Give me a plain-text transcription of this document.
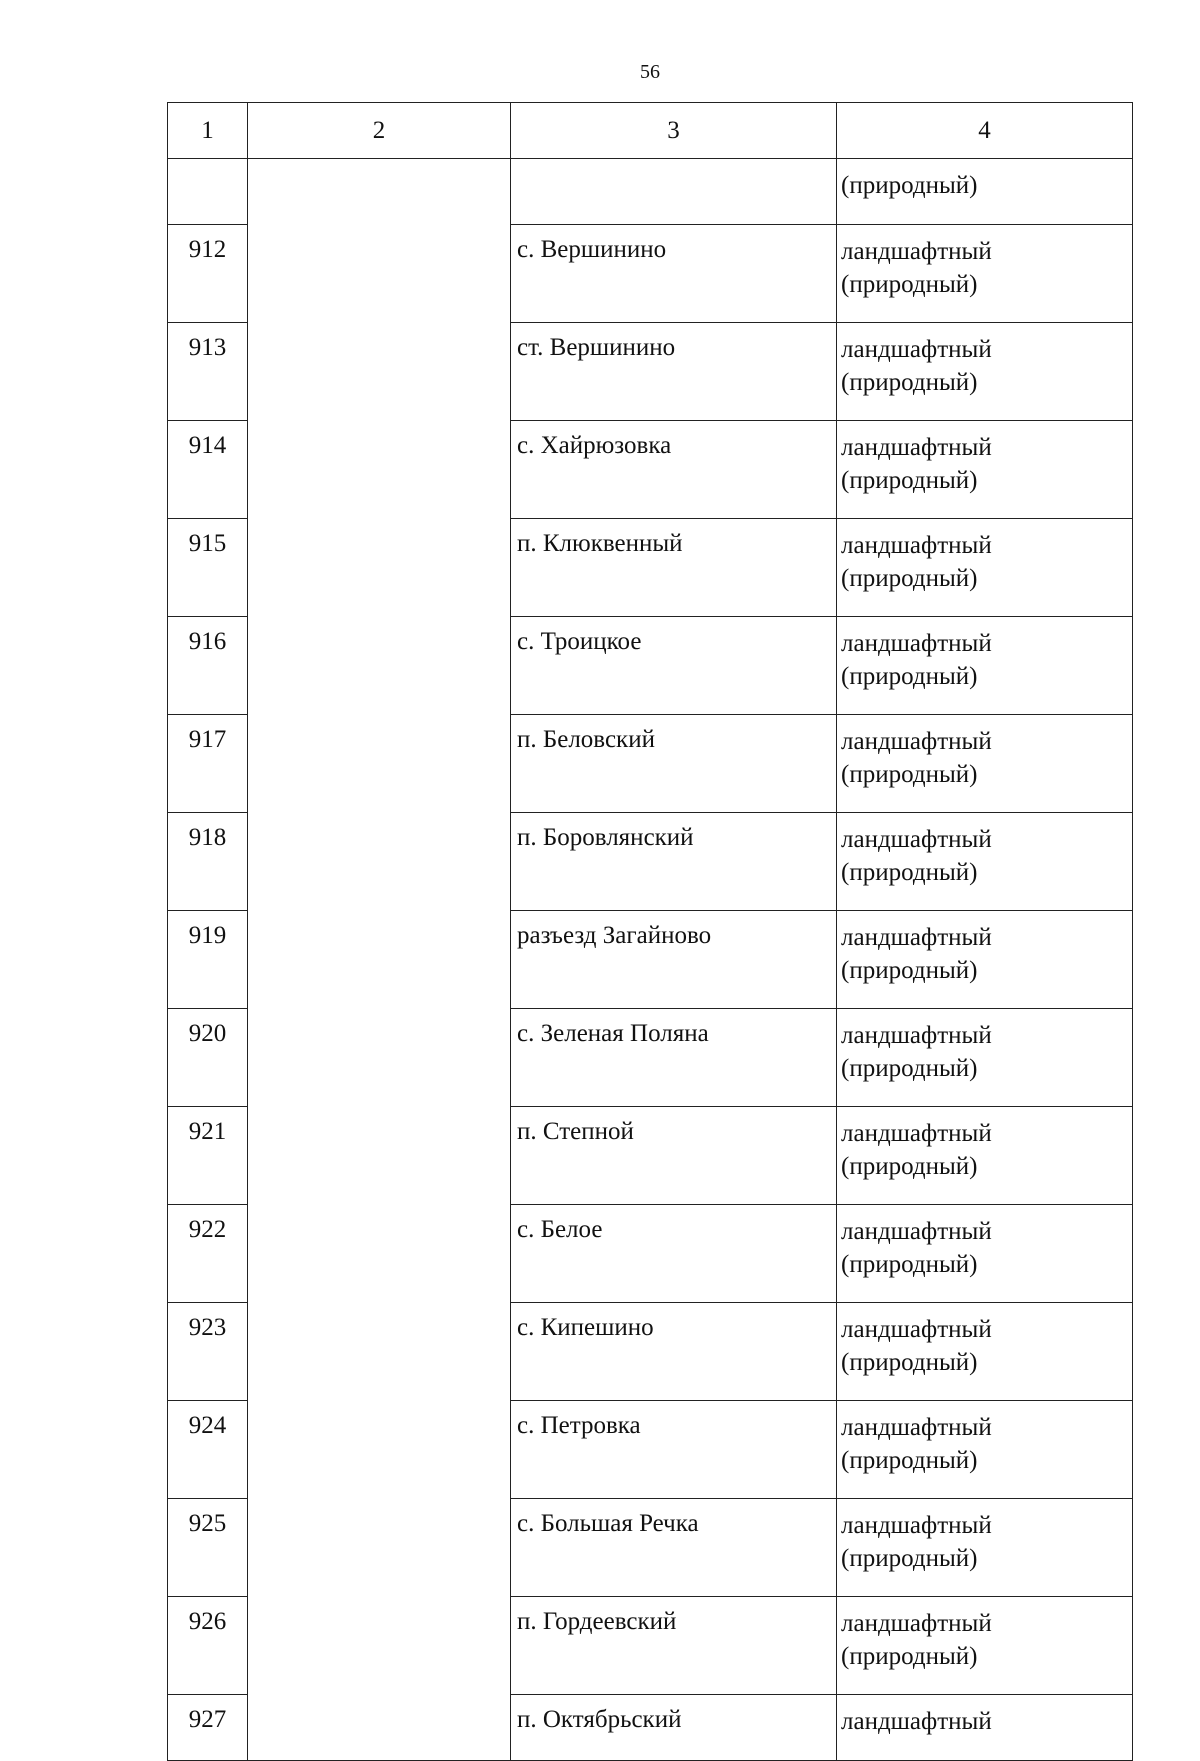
56
1	2	3	4

			(природный)

912		с. Вершинино	ландшафтный
(природный)

913		ст. Вершинино	ландшафтный
(природный)

914		с. Хайрюзовка	ландшафтный
(природный)

915		п. Клюквенный	ландшафтный
(природный)

916		с. Троицкое	ландшафтный
(природный)

917		п. Беловский	ландшафтный
(природный)

918		п. Боровлянский	ландшафтный
(природный)

919		разъезд Загайново	ландшафтный
(природный)

920		с. Зеленая Поляна	ландшафтный
(природный)

921		п. Степной	ландшафтный
(природный)

922		с. Белое	ландшафтный
(природный)

923		с. Кипешино	ландшафтный
(природный)

924		с. Петровка	ландшафтный
(природный)

925		с. Большая Речка	ландшафтный
(природный)

926		п. Гордеевский	ландшафтный
(природный)

927		п. Октябрьский	ландшафтный
